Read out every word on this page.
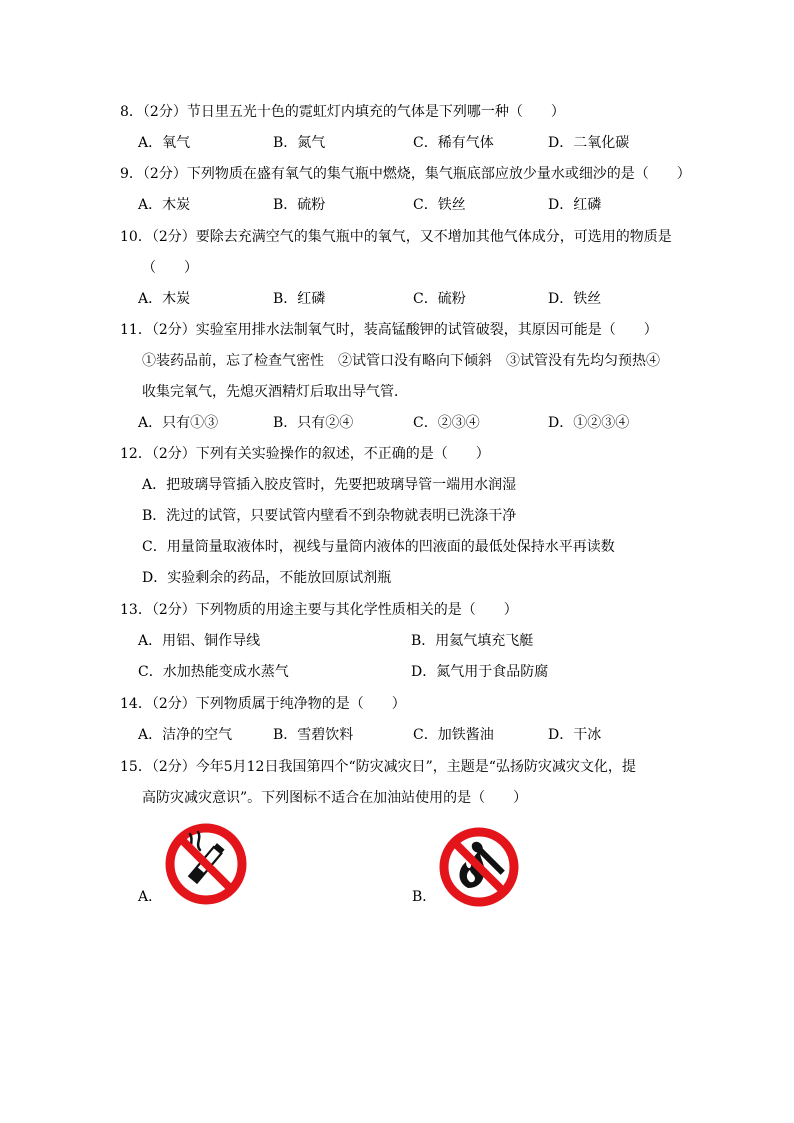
8．（2分）节日里五光十色的霓虹灯内填充的气体是下列哪一种（　　）
A．氧气	B．氮气	C．稀有气体	D．二氧化碳
9．（2分）下列物质在盛有氧气的集气瓶中燃烧，集气瓶底部应放少量水或细沙的是（　　）
A．木炭	B．硫粉	C．铁丝	D．红磷
10．（2分）要除去充满空气的集气瓶中的氧气，又不增加其他气体成分，可选用的物质是
（　　）
A．木炭	B．红磷	C．硫粉	D．铁丝
11．（2分）实验室用排水法制氧气时，装高锰酸钾的试管破裂，其原因可能是（　　）
①装药品前，忘了检查气密性　②试管口没有略向下倾斜　③试管没有先均匀预热④
收集完氧气，先熄灭酒精灯后取出导气管．
A．只有①③	B．只有②④	C．②③④	D．①②③④
12．（2分）下列有关实验操作的叙述，不正确的是（　　）
A．把玻璃导管插入胶皮管时，先要把玻璃导管一端用水润湿
B．洗过的试管，只要试管内壁看不到杂物就表明已洗涤干净
C．用量筒量取液体时，视线与量筒内液体的凹液面的最低处保持水平再读数
D．实验剩余的药品，不能放回原试剂瓶
13．（2分）下列物质的用途主要与其化学性质相关的是（　　）
A．用铝、铜作导线	B．用氦气填充飞艇
C．水加热能变成水蒸气	D．氮气用于食品防腐
14．（2分）下列物质属于纯净物的是（　　）
A．洁净的空气	B．雪碧饮料	C．加铁酱油	D．干冰
15．（2分）今年5月12日我国第四个“防灾减灾日”，主题是“弘扬防灾减灾文化，提
高防灾减灾意识”。下列图标不适合在加油站使用的是（　　）
A．	B．
